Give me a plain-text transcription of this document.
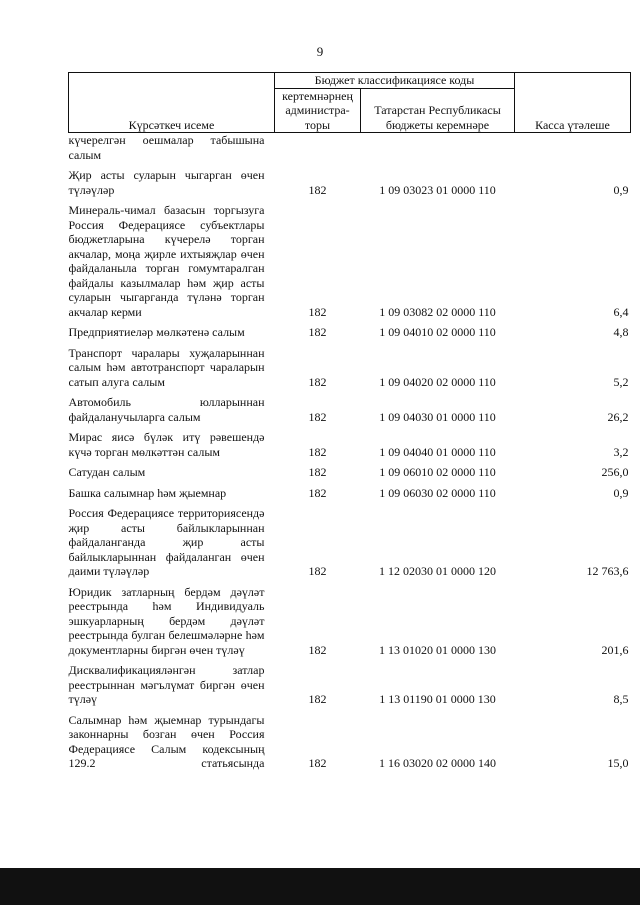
9
Күрсәткеч исеме	Бюджет классификациясе коды		Касса үтәлеше
	кертемнәрнең администра-торы	Татарстан Республикасы бюджеты керемнәре	
күчерелгән оешмалар табышына салым			
Җир асты суларын чыгарган өчен түләүләр	182	1 09 03023 01 0000 110	0,9
Минераль-чимал базасын торгызуга Россия Федерациясе субъектлары бюджетларына күчерелә торган акчалар, моңа җирле ихтыяҗлар өчен файдаланыла торган гомумтаралган файдалы казылмалар һәм җир асты суларын чыгарганда түләнә торган акчалар керми	182	1 09 03082 02 0000 110	6,4
Предприятиеләр мөлкәтенә салым	182	1 09 04010 02 0000 110	4,8
Транспорт чаралары хуҗаларыннан салым һәм автотранспорт чараларын сатып алуга салым	182	1 09 04020 02 0000 110	5,2
Автомобиль юлларыннан файдаланучыларга салым	182	1 09 04030 01 0000 110	26,2
Мирас яисә бүләк итү рәвешендә күчә торган мөлкәттән салым	182	1 09 04040 01 0000 110	3,2
Сатудан салым	182	1 09 06010 02 0000 110	256,0
Башка салымнар һәм җыемнар	182	1 09 06030 02 0000 110	0,9
Россия Федерациясе территориясендә җир асты байлыкларыннан файдаланганда җир асты байлыкларыннан файдаланган өчен даими түләүләр	182	1 12 02030 01 0000 120	12 763,6
Юридик затларның бердәм дәүләт реестрында һәм Индивидуаль эшкуарларның бердәм дәүләт реестрында булган белешмәләрне һәм документларны биргән өчен түләү	182	1 13 01020 01 0000 130	201,6
Дисквалификацияләнгән затлар реестрыннан мәгълүмат биргән өчен түләү	182	1 13 01190 01 0000 130	8,5
Салымнар һәм җыемнар турындагы законнарны бозган өчен Россия Федерациясе Салым кодексының 129.2 статьясында	182	1 16 03020 02 0000 140	15,0
